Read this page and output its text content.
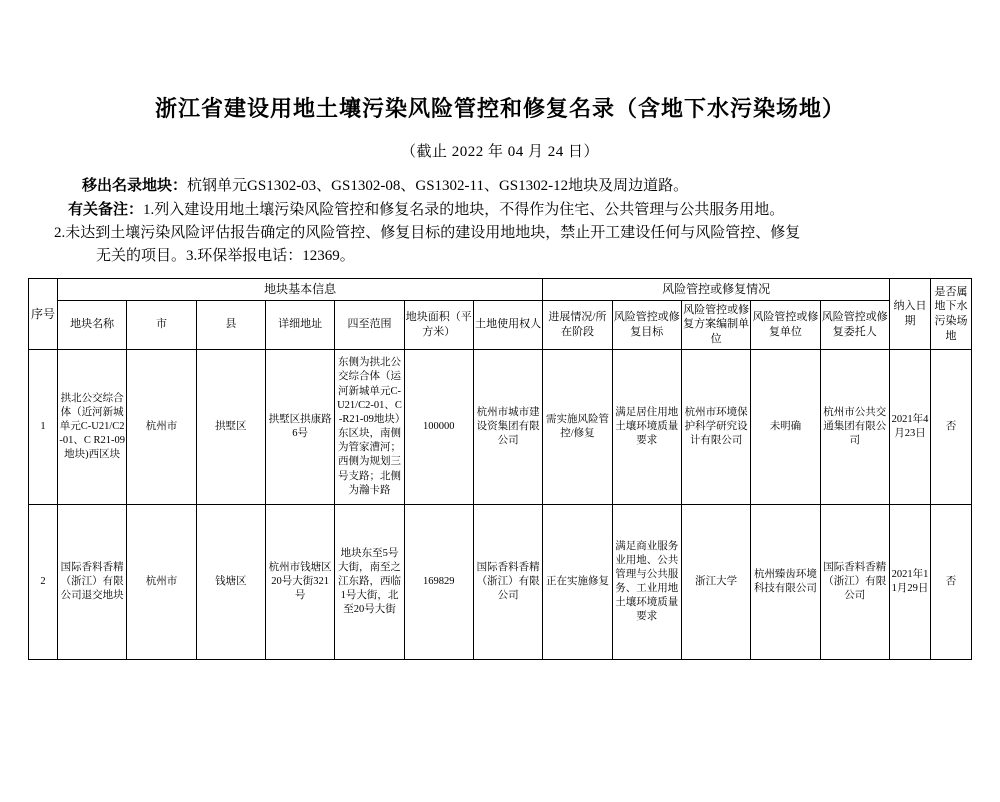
浙江省建设用地土壤污染风险管控和修复名录（含地下水污染场地）
（截止 2022 年 04 月 24 日）
移出名录地块：杭钢单元GS1302-03、GS1302-08、GS1302-11、GS1302-12地块及周边道路。
有关备注：1.列入建设用地土壤污染风险管控和修复名录的地块，不得作为住宅、公共管理与公共服务用地。
2.未达到土壤污染风险评估报告确定的风险管控、修复目标的建设用地地块，禁止开工建设任何与风险管控、修复
无关的项目。3.环保举报电话：12369。
序号	地块基本信息							风险管控或修复情况					纳入日期	是否属地下水污染场地
	地块名称	市	县	详细地址	四至范围	地块面积（平方米）	土地使用权人	进展情况/所在阶段	风险管控或修复目标	风险管控或修复方案编制单位	风险管控或修复单位	风险管控或修复委托人		
1	拱北公交综合体（近河新城单元C-U21/C2-01、C R21-09地块)西区块	杭州市	拱墅区	拱墅区拱康路6号	东侧为拱北公交综合体（运河新城单元C-U21/C2-01、C-R21-09地块）东区块，南侧为管家漕河；西侧为规划三号支路；北侧为瀚卡路	100000	杭州市城市建设资集团有限公司	需实施风险管控/修复	满足居住用地土壤环境质量要求	杭州市环境保护科学研究设计有限公司	未明确	杭州市公共交通集团有限公司	2021年4月23日	否
2	国际香料香精（浙江）有限公司退交地块	杭州市	钱塘区	杭州市钱塘区20号大街321号	地块东至5号大街，南至之江东路，西临1号大街，北至20号大街	169829	国际香料香精（浙江）有限公司	正在实施修复	满足商业服务业用地、公共管理与公共服务、工业用地土壤环境质量要求	浙江大学	杭州臻齿环境科技有限公司	国际香料香精（浙江）有限公司	2021年11月29日	否
